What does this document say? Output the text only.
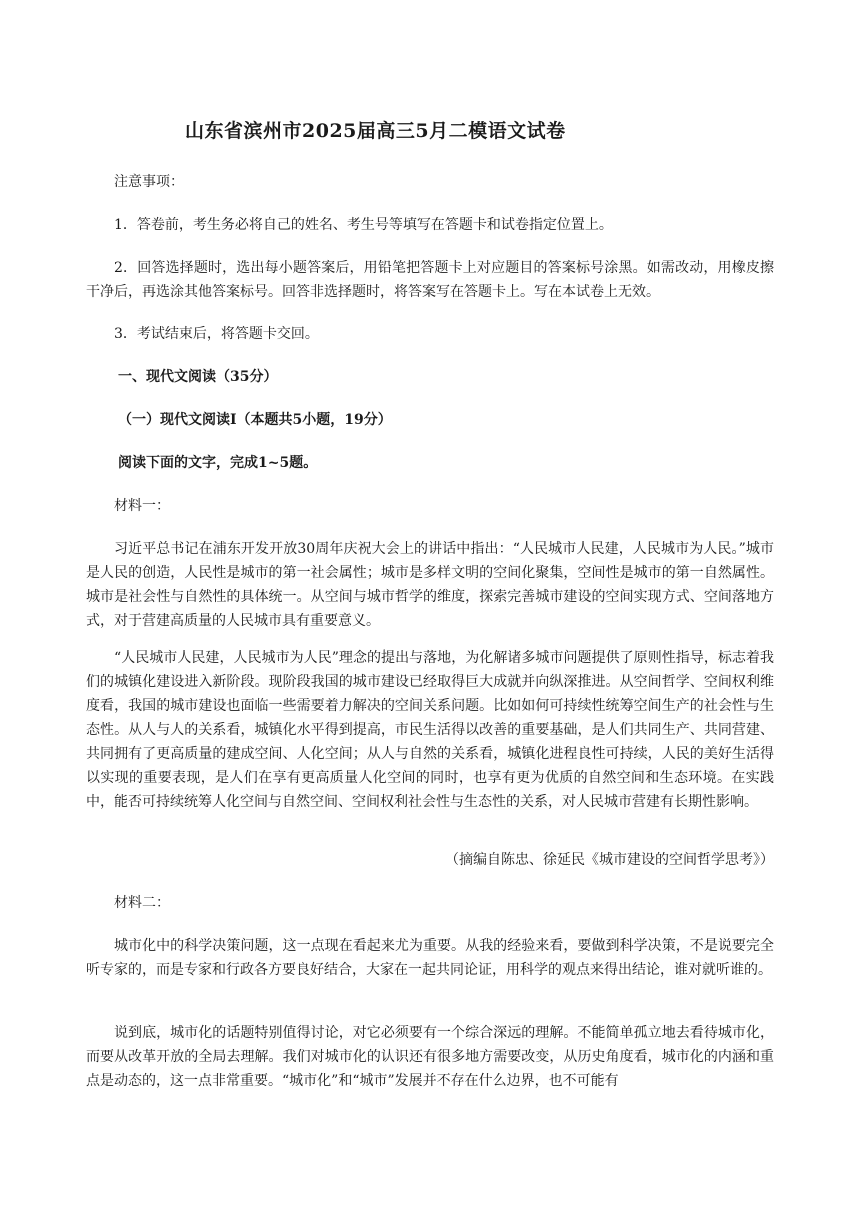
山东省滨州市2025届高三5月二模语文试卷

注意事项：

1．答卷前，考生务必将自己的姓名、考生号等填写在答题卡和试卷指定位置上。

2．回答选择题时，选出每小题答案后，用铅笔把答题卡上对应题目的答案标号涂黑。如需改动，用橡皮擦干净后，再选涂其他答案标号。回答非选择题时，将答案写在答题卡上。写在本试卷上无效。

3．考试结束后，将答题卡交回。

一、现代文阅读（35分）

（一）现代文阅读Ⅰ（本题共5小题，19分）

阅读下面的文字，完成1~5题。

材料一：

习近平总书记在浦东开发开放30周年庆祝大会上的讲话中指出：“人民城市人民建，人民城市为人民。”城市是人民的创造，人民性是城市的第一社会属性；城市是多样文明的空间化聚集，空间性是城市的第一自然属性。城市是社会性与自然性的具体统一。从空间与城市哲学的维度，探索完善城市建设的空间实现方式、空间落地方式，对于营建高质量的人民城市具有重要意义。

“人民城市人民建，人民城市为人民”理念的提出与落地，为化解诸多城市问题提供了原则性指导，标志着我们的城镇化建设进入新阶段。现阶段我国的城市建设已经取得巨大成就并向纵深推进。从空间哲学、空间权利维度看，我国的城市建设也面临一些需要着力解决的空间关系问题。比如如何可持续性统筹空间生产的社会性与生态性。从人与人的关系看，城镇化水平得到提高，市民生活得以改善的重要基础，是人们共同生产、共同营建、共同拥有了更高质量的建成空间、人化空间；从人与自然的关系看，城镇化进程良性可持续，人民的美好生活得以实现的重要表现，是人们在享有更高质量人化空间的同时，也享有更为优质的自然空间和生态环境。在实践中，能否可持续统筹人化空间与自然空间、空间权利社会性与生态性的关系，对人民城市营建有长期性影响。

（摘编自陈忠、徐延民《城市建设的空间哲学思考》）

材料二：

城市化中的科学决策问题，这一点现在看起来尤为重要。从我的经验来看，要做到科学决策，不是说要完全听专家的，而是专家和行政各方要良好结合，大家在一起共同论证，用科学的观点来得出结论，谁对就听谁的。

说到底，城市化的话题特别值得讨论，对它必须要有一个综合深远的理解。不能简单孤立地去看待城市化，而要从改革开放的全局去理解。我们对城市化的认识还有很多地方需要改变，从历史角度看，城市化的内涵和重点是动态的，这一点非常重要。“城市化”和“城市”发展并不存在什么边界，也不可能有
